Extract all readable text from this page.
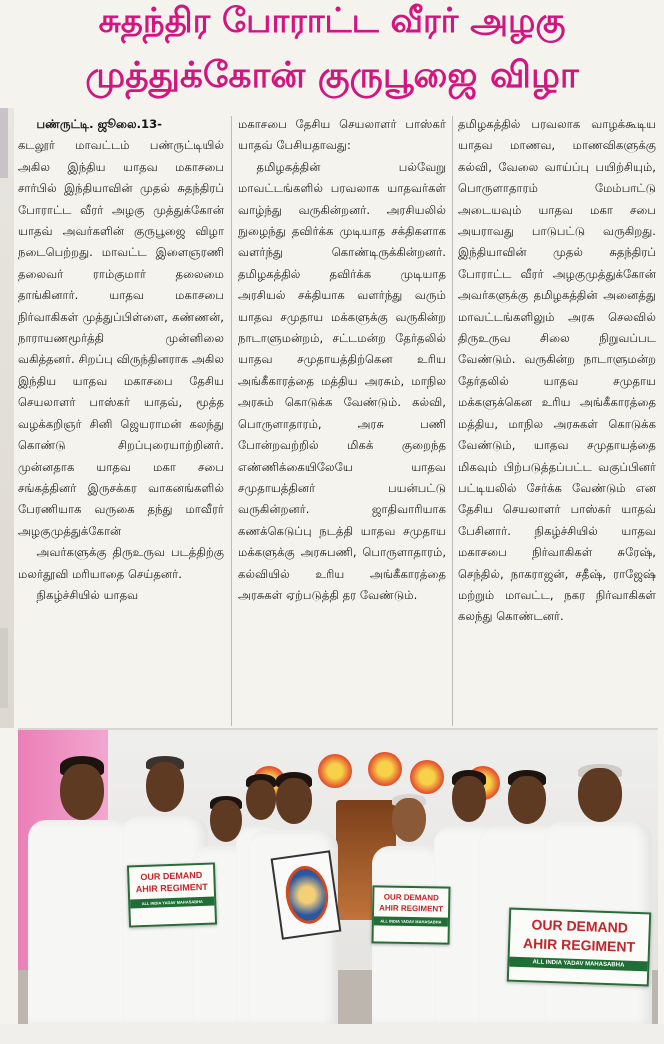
சுதந்திர போராட்ட வீரர் அழகு
முத்துக்கோன் குருபூஜை விழா

பண்ருட்டி. ஜூலை.13-

கடலூர் மாவட்டம் பண்ருட்டியில் அகில இந்திய யாதவ மகாசபை சார்பில் இந்தியாவின் முதல் சுதந்திரப் போராட்ட வீரர் அழகு முத்துக்கோன் யாதவ் அவர்களின் குருபூஜை விழா நடைபெற்றது. மாவட்ட இளைஞரணி தலைவர் ராம்குமார் தலைமை தாங்கினார். யாதவ மகாசபை நிர்வாகிகள் முத்துப்பிள்ளை, கண்ணன், நாராயணமூர்த்தி முன்னிலை வகித்தனர். சிறப்பு விருந்தினராக அகில இந்திய யாதவ மகாசபை தேசிய செயலாளர் பாஸ்கர் யாதவ், மூத்த வழக்கறிஞர் சினி ஜெயராமன் கலந்து கொண்டு சிறப்புரையாற்றினர். முன்னதாக யாதவ மகா சபை சங்கத்தினர் இருசக்கர வாகனங்களில் பேரணியாக வருகை தந்து மாவீரர் அழகுமுத்துக்கோன்

அவர்களுக்கு திருஉருவ படத்திற்கு மலர்தூவி மரியாதை செய்தனர்.

நிகழ்ச்சியில் யாதவ

மகாசபை தேசிய செயலாளர் பாஸ்கர் யாதவ் பேசியதாவது:

தமிழகத்தின் பல்வேறு மாவட்டங்களில் பரவலாக யாதவர்கள் வாழ்ந்து வருகின்றனர். அரசியலில் நுழைந்து தவிர்க்க முடியாத சக்திகளாக வளர்ந்து கொண்டிருக்கின்றனர். தமிழகத்தில் தவிர்க்க முடியாத அரசியல் சக்தியாக வளர்ந்து வரும் யாதவ சமுதாய மக்களுக்கு வருகின்ற நாடாளுமன்றம், சட்டமன்ற தேர்தலில் யாதவ சமுதாயத்திற்கென உரிய அங்கீகாரத்தை மத்திய அரசும், மாநில அரசும் கொடுக்க வேண்டும். கல்வி, பொருளாதாரம், அரசு பணி போன்றவற்றில் மிகக் குறைந்த எண்ணிக்கையிலேயே யாதவ சமுதாயத்தினர் பயன்பட்டு வருகின்றனர். ஜாதிவாரியாக கணக்கெடுப்பு நடத்தி யாதவ சமுதாய மக்களுக்கு அரசுபணி, பொருளாதாரம், கல்வியில் உரிய அங்கீகாரத்தை அரசுகள் ஏற்படுத்தி தர வேண்டும்.

தமிழகத்தில் பரவலாக வாழக்கூடிய யாதவ மாணவ, மாணவிகளுக்கு கல்வி, வேலை வாய்ப்பு பயிற்சியும், பொருளாதாரம் மேம்பாட்டு அடையவும் யாதவ மகா சபை அயராவது பாடுபட்டு வருகிறது. இந்தியாவின் முதல் சுதந்திரப் போராட்ட வீரர் அழகுமுத்துக்கோன் அவர்களுக்கு தமிழகத்தின் அனைத்து மாவட்டங்களிலும் அரசு செலவில் திருஉருவ சிலை நிறுவப்பட வேண்டும். வருகின்ற நாடாளுமன்ற தேர்தலில் யாதவ சமுதாய மக்களுக்கென உரிய அங்கீகாரத்தை மத்திய, மாநில அரசுகள் கொடுக்க வேண்டும், யாதவ சமுதாயத்தை மிகவும் பிற்படுத்தப்பட்ட வகுப்பினர் பட்டியலில் சேர்க்க வேண்டும் என தேசிய செயலாளர் பாஸ்கர் யாதவ் பேசினார். நிகழ்ச்சியில் யாதவ மகாசபை நிர்வாகிகள் சுரேஷ், செந்தில், நாகராஜன், சதீஷ், ராஜேஷ் மற்றும் மாவட்ட, நகர நிர்வாகிகள் கலந்து கொண்டனர்.

OUR DEMAND
AHIR REGIMENT
ALL INDIA YADAV MAHASABHA
OUR DEMAND
AHIR REGIMENT
ALL INDIA YADAV MAHASABHA	OUR DEMAND
AHIR REGIMENT
ALL INDIA YADAV MAHASABHA
